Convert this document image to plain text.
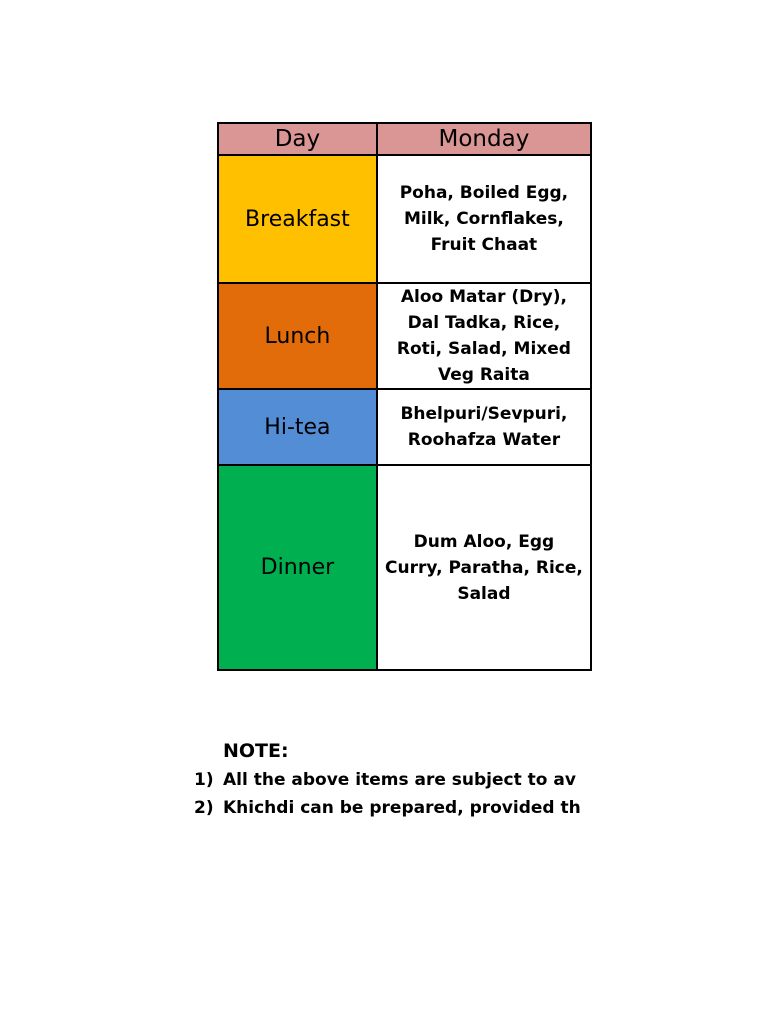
Day	Monday
Breakfast	Poha, Boiled Egg,
Milk, Cornflakes,
Fruit Chaat

Lunch	Aloo Matar (Dry),
Dal Tadka, Rice,
Roti, Salad, Mixed
Veg Raita

Hi-tea	Bhelpuri/Sevpuri,
Roohafza Water

Dinner	Dum Aloo, Egg
Curry, Paratha, Rice,
Salad
NOTE:
1) All the above items are subject to av
2) Khichdi can be prepared, provided th
